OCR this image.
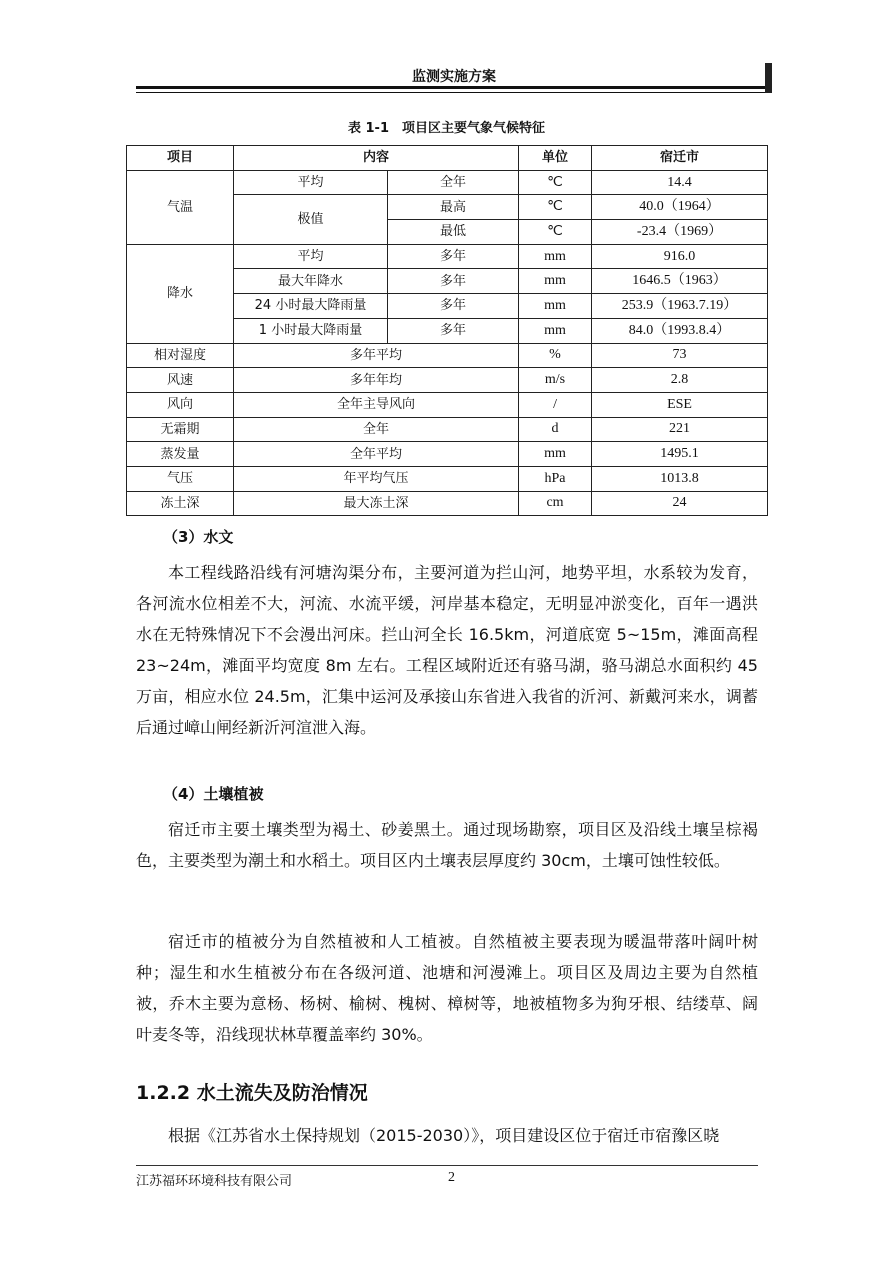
监测实施方案
表 1-1　项目区主要气象气候特征
项目	内容		单位	宿迁市
气温	平均	全年	℃	14.4
	极值	最高	℃	40.0（1964）
		最低	℃	-23.4（1969）
降水	平均	多年	mm	916.0
	最大年降水	多年	mm	1646.5（1963）
	24 小时最大降雨量	多年	mm	253.9（1963.7.19）
	1 小时最大降雨量	多年	mm	84.0（1993.8.4）
相对湿度	多年平均		%	73
风速	多年年均		m/s	2.8
风向	全年主导风向		/	ESE
无霜期	全年		d	221
蒸发量	全年平均		mm	1495.1
气压	年平均气压		hPa	1013.8
冻土深	最大冻土深		cm	24
（3）水文

本工程线路沿线有河塘沟渠分布，主要河道为拦山河，地势平坦，水系较为发育，各河流水位相差不大，河流、水流平缓，河岸基本稳定，无明显冲淤变化，百年一遇洪水在无特殊情况下不会漫出河床。拦山河全长 16.5km，河道底宽 5~15m，滩面高程 23~24m，滩面平均宽度 8m 左右。工程区域附近还有骆马湖，骆马湖总水面积约 45 万亩，相应水位 24.5m，汇集中运河及承接山东省进入我省的沂河、新戴河来水，调蓄后通过嶂山闸经新沂河渲泄入海。

（4）土壤植被

宿迁市主要土壤类型为褐土、砂姜黑土。通过现场勘察，项目区及沿线土壤呈棕褐色，主要类型为潮土和水稻土。项目区内土壤表层厚度约 30cm，土壤可蚀性较低。

宿迁市的植被分为自然植被和人工植被。自然植被主要表现为暖温带落叶阔叶树种；湿生和水生植被分布在各级河道、池塘和河漫滩上。项目区及周边主要为自然植被，乔木主要为意杨、杨树、榆树、槐树、樟树等，地被植物多为狗牙根、结缕草、阔叶麦冬等，沿线现状林草覆盖率约 30%。

1.2.2 水土流失及防治情况

根据《江苏省水土保持规划（2015-2030）》，项目建设区位于宿迁市宿豫区晓

江苏福环环境科技有限公司	2
